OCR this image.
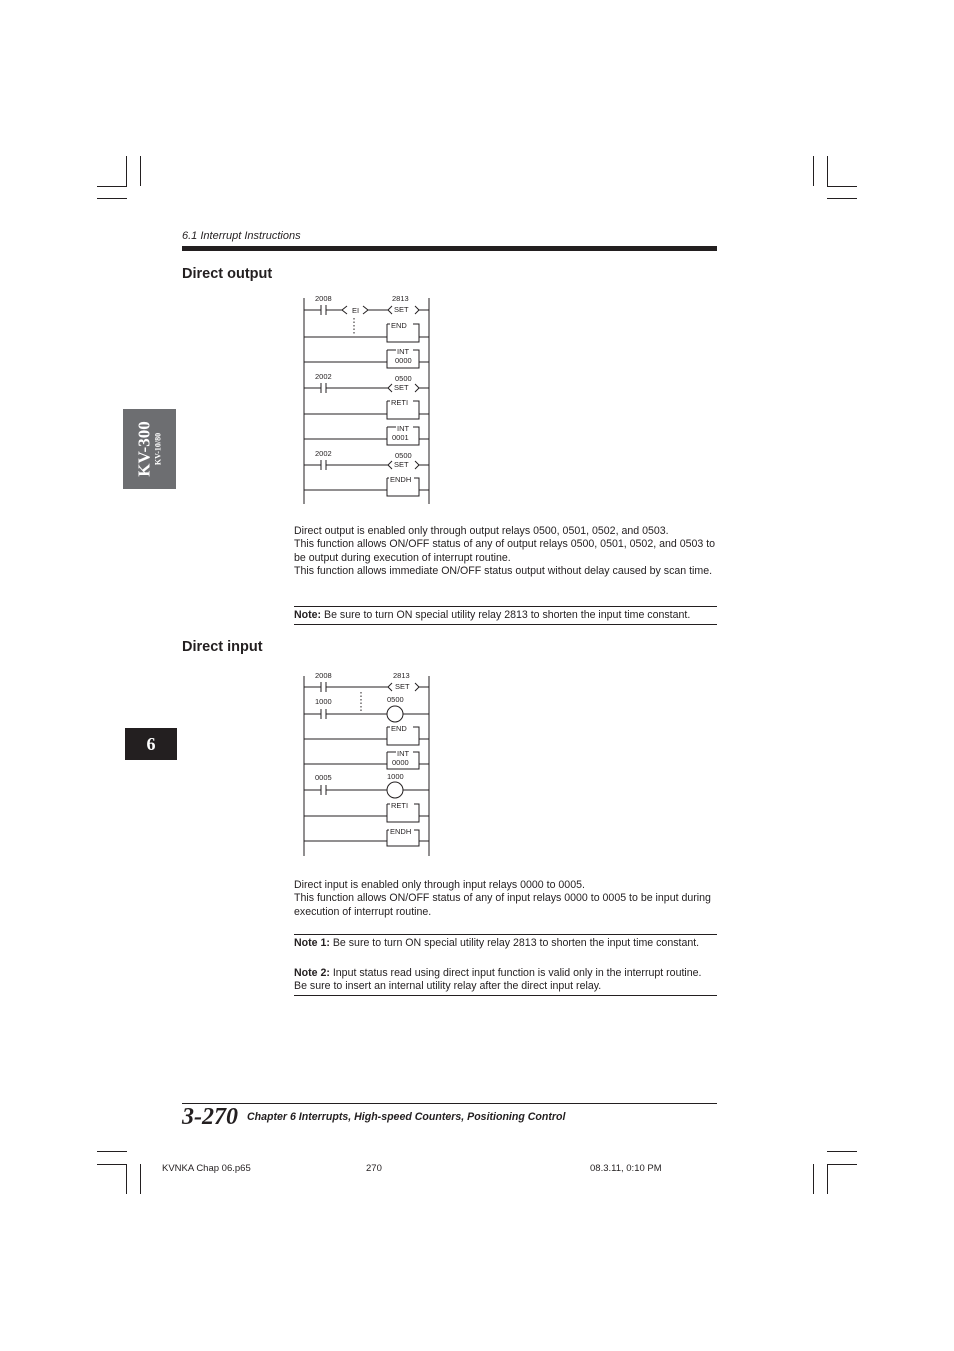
6.1 Interrupt Instructions
KV-300 KV-10/80
6
Direct output
2008
EI
2813
SET
END
INT
0000
2002	0500
SET
RETI
INT
0001
2002	0500
SET
ENDH

Direct output is enabled only through output relays 0500, 0501, 0502, and 0503.

This function allows ON/OFF status of any of output relays 0500, 0501, 0502, and 0503 to be output during execution of interrupt routine.

This function allows immediate ON/OFF status output without delay caused by scan time.

Note: Be sure to turn ON special utility relay 2813 to shorten the input time constant.
Direct input
2008	2813
SET
1000	0500
END
INT
0000
0005	1000
RETI
ENDH

Direct input is enabled only through input relays 0000 to 0005.

This function allows ON/OFF status of any of input relays 0000 to 0005 to be input during execution of interrupt routine.

Note 1: Be sure to turn ON special utility relay 2813 to shorten the input time constant.
Note 2: Input status read using direct input function is valid only in the interrupt routine. Be sure to insert an internal utility relay after the direct input relay.
3-270 Chapter 6 Interrupts, High-speed Counters, Positioning Control
KVNKA Chap 06.p65	270	08.3.11, 0:10 PM
